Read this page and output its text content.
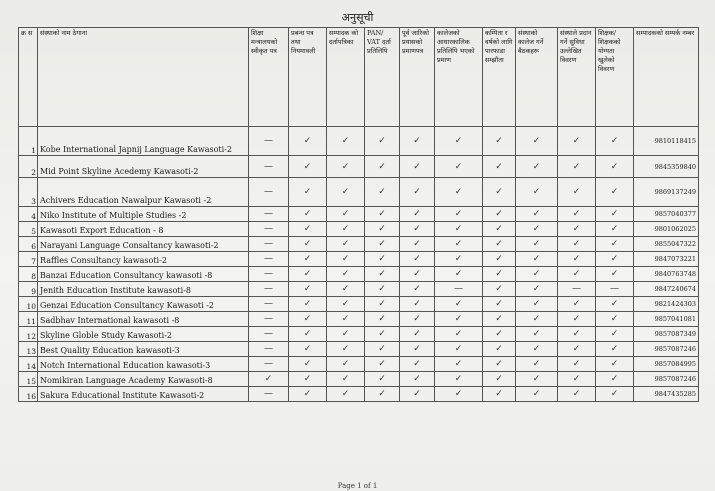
अनुसूची
क्र स	संस्थाको नाम ठेगाना	शिक्षा मन्त्रालयको स्वीकृत पत्र	प्रबन्ध पत्र तथा नियमावली	सम्पादक को दर्तापत्रिका	PAN/ VAT दर्ता प्रतिलिपि	पूर्व जारिको प्रयासको प्रमाणपत्र	कालेजको आधारकालिक प्रतिलिपि भएको प्रमाण	कम्पिता र वर्षको लागि पारफाडा सम्झौता	संस्थाको कालेज गर्ने बैठकहरू	संस्थाले प्रदान गर्ने सुविधा उल्लेखित विवरण	शिक्षक/ शिक्षकको योग्यता खुलेको विवरण	सम्पादकको सम्पर्क नम्बर
1	Kobe International Japnij Language Kawasoti-2	—	✓	✓	✓	✓	✓	✓	✓	✓	✓	9810118415
2	Mid Point Skyline Acedemy Kawasoti-2	—	✓	✓	✓	✓	✓	✓	✓	✓	✓	9845359840
3	Achivers Education Nawalpur Kawasoti -2	—	✓	✓	✓	✓	✓	✓	✓	✓	✓	9869137249
4	Niko Institute of Multiple Studies -2	—	✓	✓	✓	✓	✓	✓	✓	✓	✓	9857040377
5	Kawasoti Export Education - 8	—	✓	✓	✓	✓	✓	✓	✓	✓	✓	9801062025
6	Narayani Language Consaltancy kawasoti-2	—	✓	✓	✓	✓	✓	✓	✓	✓	✓	9855047322
7	Raffles Consultancy kawasoti-2	—	✓	✓	✓	✓	✓	✓	✓	✓	✓	9847073221
8	Banzai Education Consultancy kawasoti -8	—	✓	✓	✓	✓	✓	✓	✓	✓	✓	9840763748
9	Jenith Education Institute kawasoti-8	—	✓	✓	✓	✓	—	✓	✓	—	—	9847240674
10	Genzai Education Consultancy Kawasoti -2	—	✓	✓	✓	✓	✓	✓	✓	✓	✓	9821424303
11	Sadbhav International kawasoti -8	—	✓	✓	✓	✓	✓	✓	✓	✓	✓	9857041081
12	Skyline Globle Study Kawasoti-2	—	✓	✓	✓	✓	✓	✓	✓	✓	✓	9857087349
13	Best Quality Education kawasoti-3	—	✓	✓	✓	✓	✓	✓	✓	✓	✓	9857087246
14	Notch International Education kawasoti-3	—	✓	✓	✓	✓	✓	✓	✓	✓	✓	9857084995
15	Nomikiran Language Academy Kawasoti-8	✓	✓	✓	✓	✓	✓	✓	✓	✓	✓	9857087246
16	Sakura Educational Institute Kawasoti-2	—	✓	✓	✓	✓	✓	✓	✓	✓	✓	9847435285
Page 1 of 1
